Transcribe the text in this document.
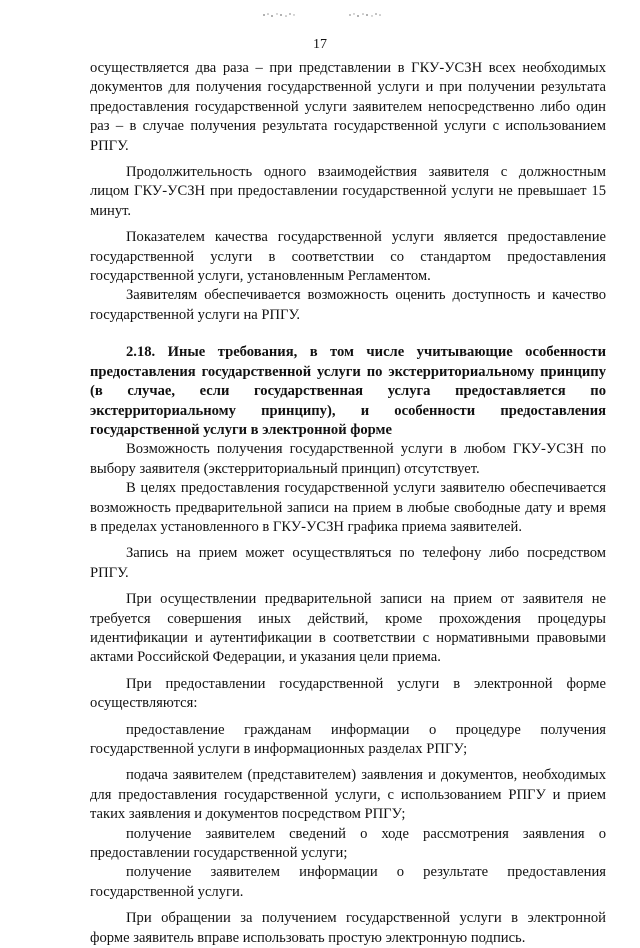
17

осуществляется два раза – при представлении в ГКУ-УСЗН всех необходимых документов для получения государственной услуги и при получении результата предоставления государственной услуги заявителем непосредственно либо один раз – в случае получения результата государственной услуги с использованием РПГУ.

Продолжительность одного взаимодействия заявителя с должностным лицом ГКУ-УСЗН при предоставлении государственной услуги не превышает 15 минут.

Показателем качества государственной услуги является предоставление государственной услуги в соответствии со стандартом предоставления государственной услуги, установленным Регламентом.

Заявителям обеспечивается возможность оценить доступность и качество государственной услуги на РПГУ.

2.18. Иные требования, в том числе учитывающие особенности предоставления государственной услуги по экстерриториальному принципу (в случае, если государственная услуга предоставляется по экстерриториальному принципу), и особенности предоставления государственной услуги в электронной форме

Возможность получения государственной услуги в любом ГКУ-УСЗН по выбору заявителя (экстерриториальный принцип) отсутствует.

В целях предоставления государственной услуги заявителю обеспечивается возможность предварительной записи на прием в любые свободные дату и время в пределах установленного в ГКУ-УСЗН графика приема заявителей.

Запись на прием может осуществляться по телефону либо посредством РПГУ.

При осуществлении предварительной записи на прием от заявителя не требуется совершения иных действий, кроме прохождения процедуры идентификации и аутентификации в соответствии с нормативными правовыми актами Российской Федерации, и указания цели приема.

При предоставлении государственной услуги в электронной форме осуществляются:

предоставление гражданам информации о процедуре получения государственной услуги в информационных разделах РПГУ;

подача заявителем (представителем) заявления и документов, необходимых для предоставления государственной услуги, с использованием РПГУ и прием таких заявления и документов посредством РПГУ;

получение заявителем сведений о ходе рассмотрения заявления о предоставлении государственной услуги;

получение заявителем информации о результате предоставления государственной услуги.

При обращении за получением государственной услуги в электронной форме заявитель вправе использовать простую электронную подпись.
